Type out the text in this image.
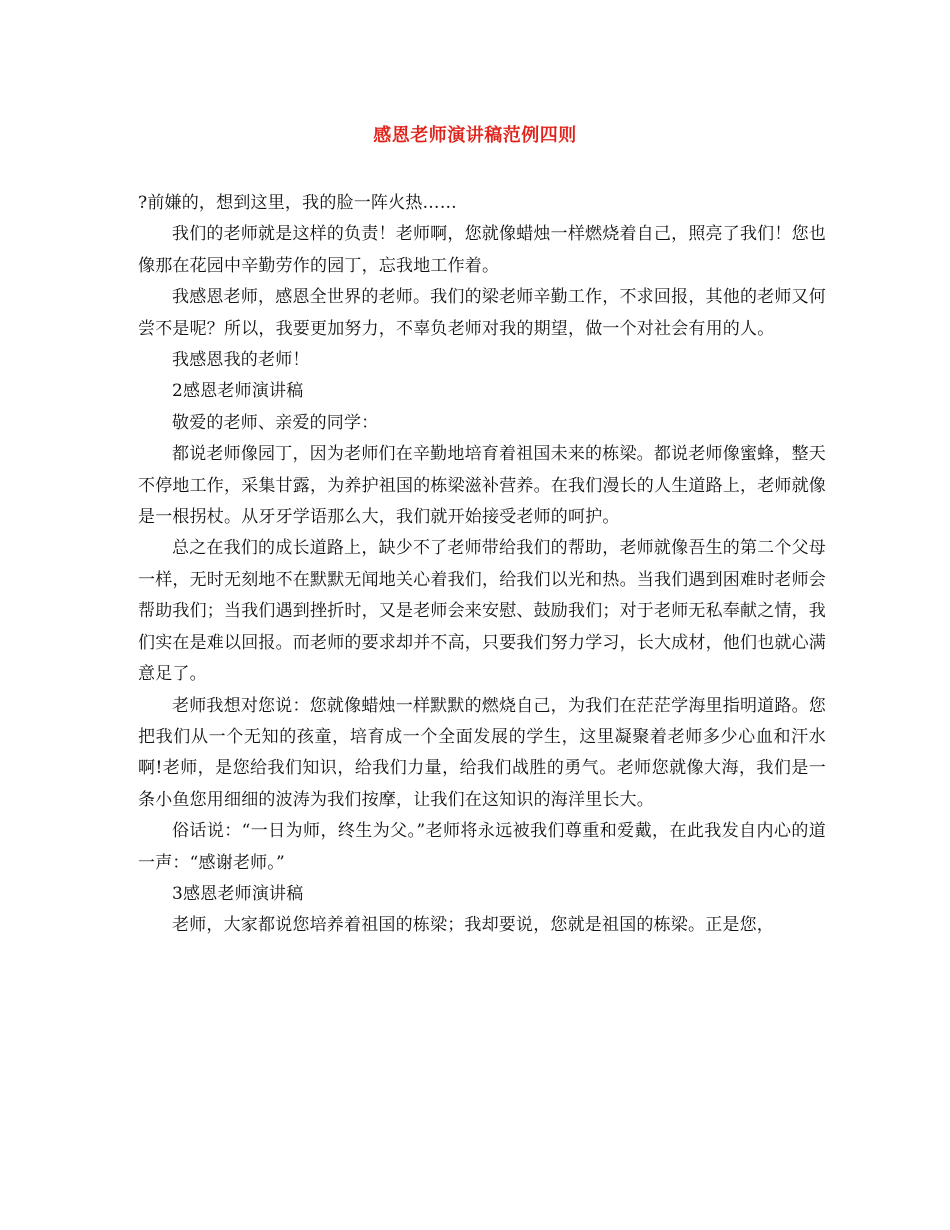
感恩老师演讲稿范例四则

?前嫌的，想到这里，我的脸一阵火热……

我们的老师就是这样的负责！老师啊，您就像蜡烛一样燃烧着自己，照亮了我们！您也像那在花园中辛勤劳作的园丁，忘我地工作着。

我感恩老师，感恩全世界的老师。我们的梁老师辛勤工作，不求回报，其他的老师又何尝不是呢？所以，我要更加努力，不辜负老师对我的期望，做一个对社会有用的人。

我感恩我的老师！

2感恩老师演讲稿

敬爱的老师、亲爱的同学：

都说老师像园丁，因为老师们在辛勤地培育着祖国未来的栋梁。都说老师像蜜蜂，整天不停地工作，采集甘露，为养护祖国的栋梁滋补营养。在我们漫长的人生道路上，老师就像是一根拐杖。从牙牙学语那么大，我们就开始接受老师的呵护。

总之在我们的成长道路上，缺少不了老师带给我们的帮助，老师就像吾生的第二个父母一样，无时无刻地不在默默无闻地关心着我们，给我们以光和热。当我们遇到困难时老师会帮助我们；当我们遇到挫折时，又是老师会来安慰、鼓励我们；对于老师无私奉献之情，我们实在是难以回报。而老师的要求却并不高，只要我们努力学习，长大成材，他们也就心满意足了。

老师我想对您说：您就像蜡烛一样默默的燃烧自己，为我们在茫茫学海里指明道路。您把我们从一个无知的孩童，培育成一个全面发展的学生，这里凝聚着老师多少心血和汗水啊!老师，是您给我们知识，给我们力量，给我们战胜的勇气。老师您就像大海，我们是一条小鱼您用细细的波涛为我们按摩，让我们在这知识的海洋里长大。

俗话说：“一日为师，终生为父。”老师将永远被我们尊重和爱戴，在此我发自内心的道一声：“感谢老师。”

3感恩老师演讲稿

老师，大家都说您培养着祖国的栋梁；我却要说，您就是祖国的栋梁。正是您，
